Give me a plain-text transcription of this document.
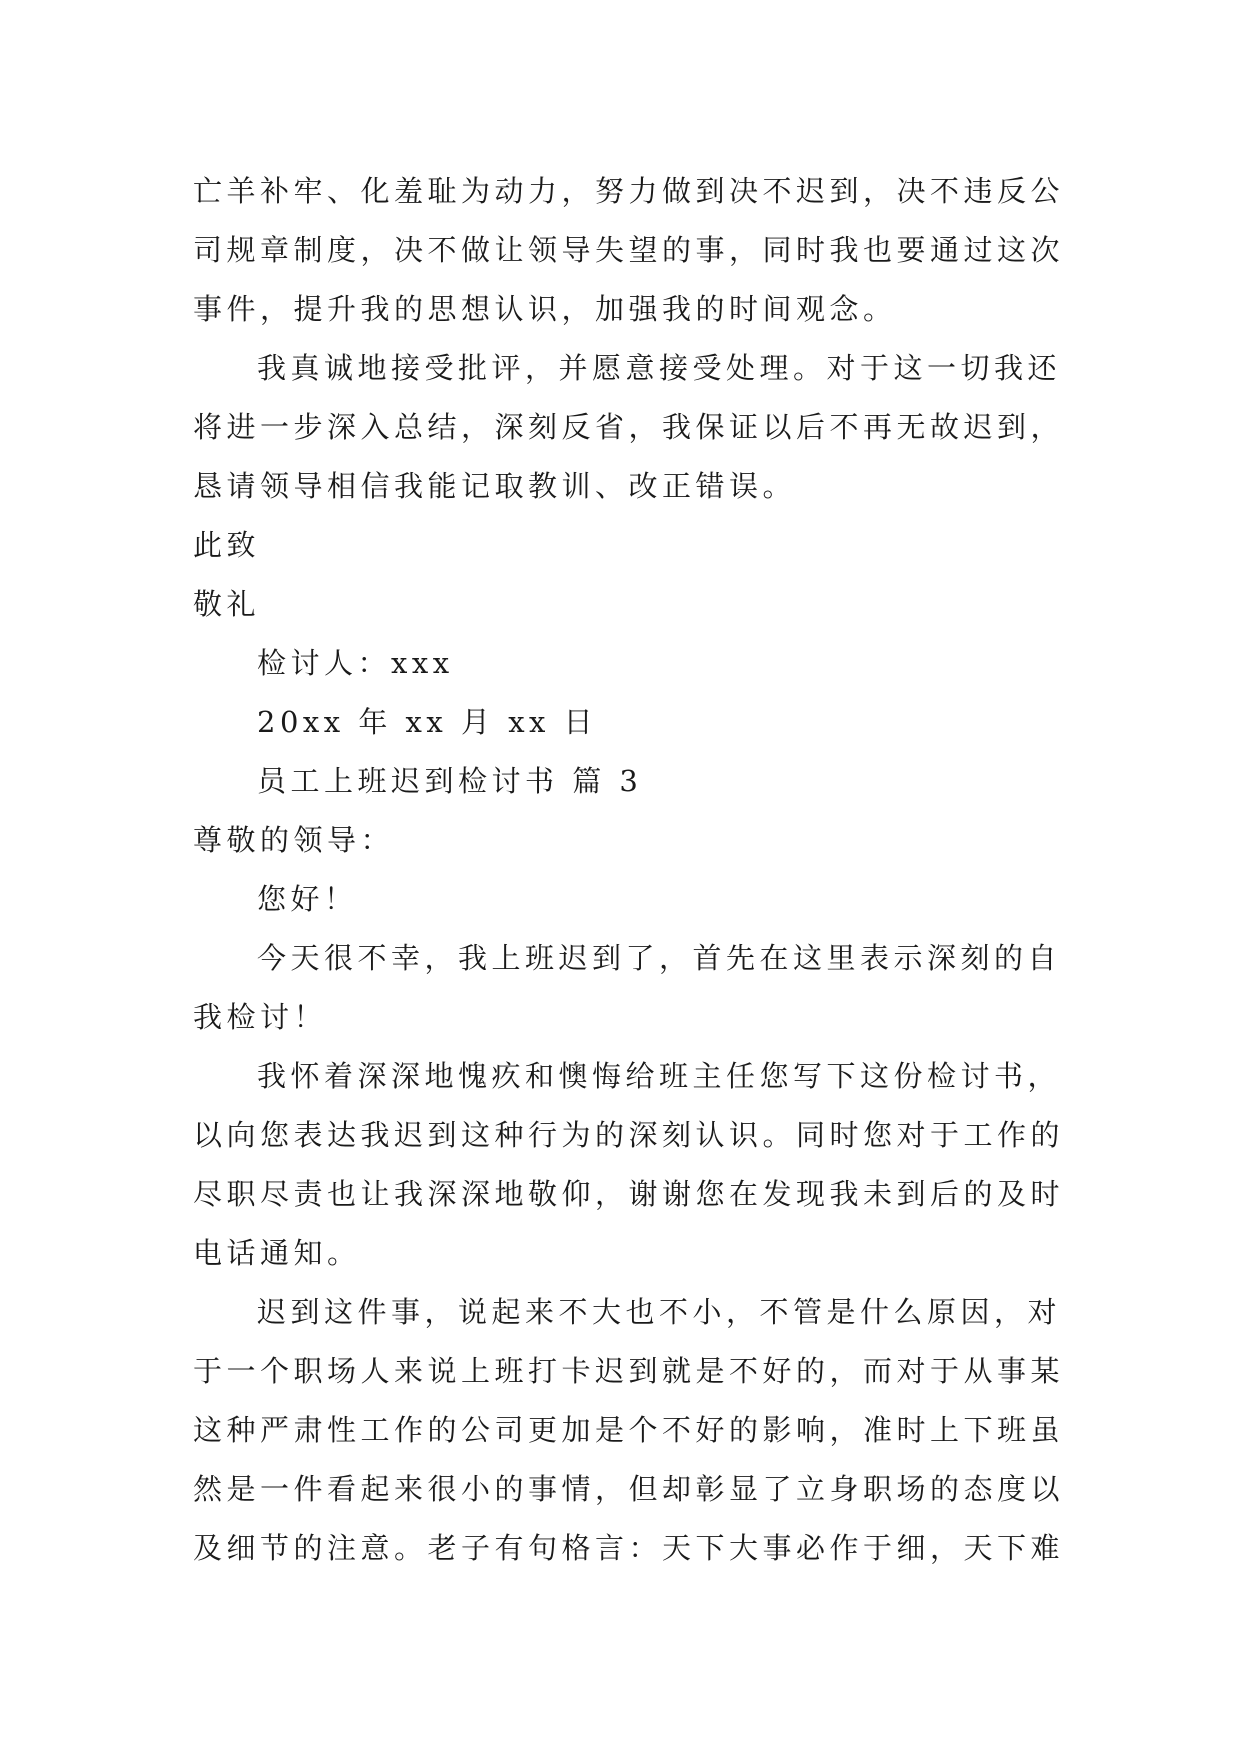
亡羊补牢、化羞耻为动力，努力做到决不迟到，决不违反公
司规章制度，决不做让领导失望的事，同时我也要通过这次
事件，提升我的思想认识，加强我的时间观念。
我真诚地接受批评，并愿意接受处理。对于这一切我还
将进一步深入总结，深刻反省，我保证以后不再无故迟到，
恳请领导相信我能记取教训、改正错误。
此致
敬礼
检讨人：xxx
20xx 年 xx 月 xx 日
员工上班迟到检讨书 篇 3
尊敬的领导：
您好！
今天很不幸，我上班迟到了，首先在这里表示深刻的自
我检讨！
我怀着深深地愧疚和懊悔给班主任您写下这份检讨书，
以向您表达我迟到这种行为的深刻认识。同时您对于工作的
尽职尽责也让我深深地敬仰，谢谢您在发现我未到后的及时
电话通知。
迟到这件事，说起来不大也不小，不管是什么原因，对
于一个职场人来说上班打卡迟到就是不好的，而对于从事某
这种严肃性工作的公司更加是个不好的影响，准时上下班虽
然是一件看起来很小的事情，但却彰显了立身职场的态度以
及细节的注意。老子有句格言：天下大事必作于细，天下难
